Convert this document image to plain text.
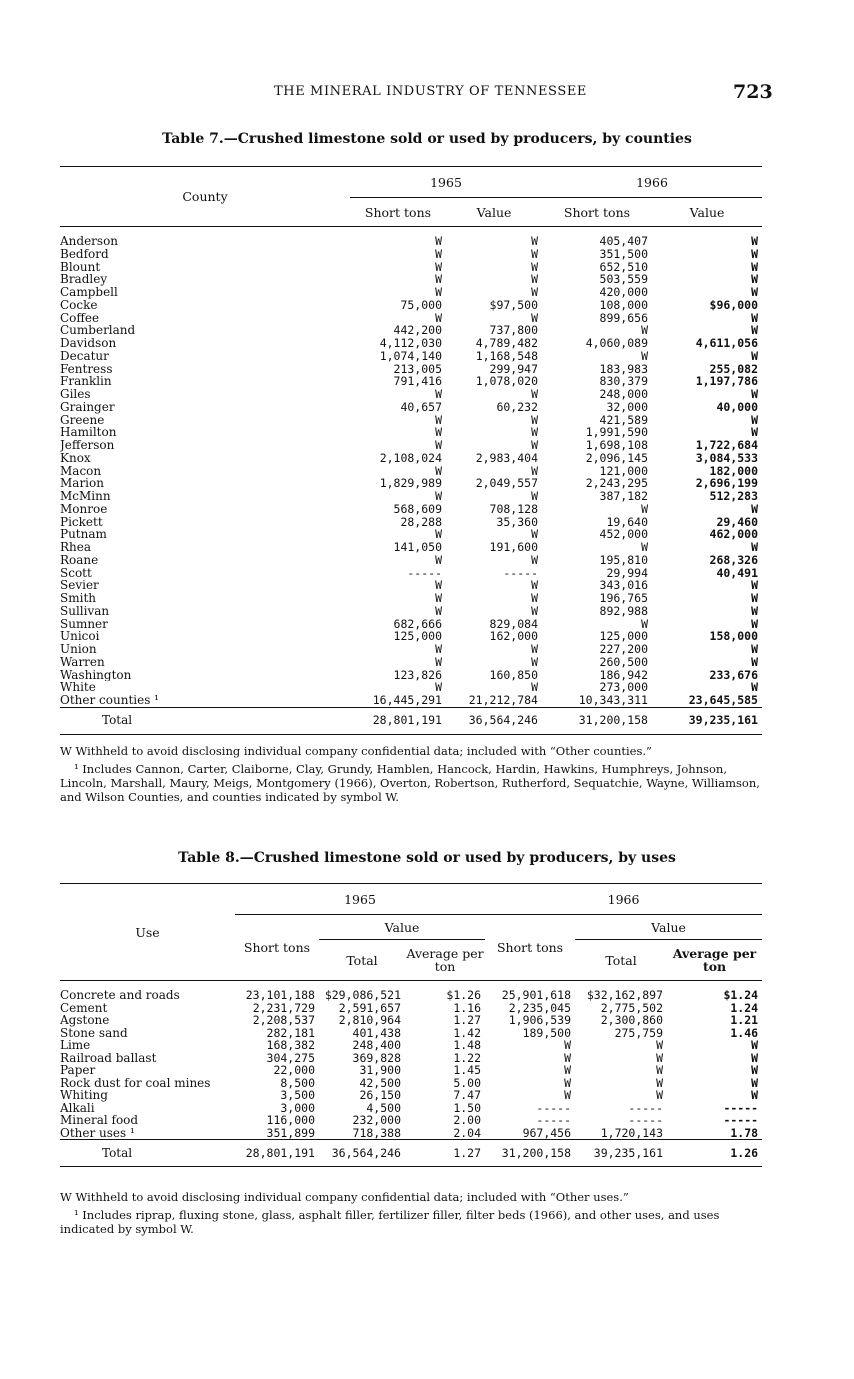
THE MINERAL INDUSTRY OF TENNESSEE	723
Table 7.—Crushed limestone sold or used by producers, by counties
County	1965		1966	
	Short tons	Value	Short tons	Value
Anderson	W	W	405,407	W
Bedford	W	W	351,500	W
Blount	W	W	652,510	W
Bradley	W	W	503,559	W
Campbell	W	W	420,000	W
Cocke	75,000	$97,500	108,000	$96,000
Coffee	W	W	899,656	W
Cumberland	442,200	737,800	W	W
Davidson	4,112,030	4,789,482	4,060,089	4,611,056
Decatur	1,074,140	1,168,548	W	W
Fentress	213,005	299,947	183,983	255,082
Franklin	791,416	1,078,020	830,379	1,197,786
Giles	W	W	248,000	W
Grainger	40,657	60,232	32,000	40,000
Greene	W	W	421,589	W
Hamilton	W	W	1,991,590	W
Jefferson	W	W	1,698,108	1,722,684
Knox	2,108,024	2,983,404	2,096,145	3,084,533
Macon	W	W	121,000	182,000
Marion	1,829,989	2,049,557	2,243,295	2,696,199
McMinn	W	W	387,182	512,283
Monroe	568,609	708,128	W	W
Pickett	28,288	35,360	19,640	29,460
Putnam	W	W	452,000	462,000
Rhea	141,050	191,600	W	W
Roane	W	W	195,810	268,326
Scott	-----	-----	29,994	40,491
Sevier	W	W	343,016	W
Smith	W	W	196,765	W
Sullivan	W	W	892,988	W
Sumner	682,666	829,084	W	W
Unicoi	125,000	162,000	125,000	158,000
Union	W	W	227,200	W
Warren	W	W	260,500	W
Washington	123,826	160,850	186,942	233,676
White	W	W	273,000	W
Other counties ¹	16,445,291	21,212,784	10,343,311	23,645,585
Total	28,801,191	36,564,246	31,200,158	39,235,161
W Withheld to avoid disclosing individual company confidential data; included with “Other counties.”
¹ Includes Cannon, Carter, Claiborne, Clay, Grundy, Hamblen, Hancock, Hardin, Hawkins, Humphreys, Johnson, Lincoln, Marshall, Maury, Meigs, Montgomery (1966), Overton, Robertson, Rutherford, Sequatchie, Wayne, Williamson, and Wilson Counties, and counties indicated by symbol W.
Table 8.—Crushed limestone sold or used by producers, by uses
Use	1965			1966		
	Short tons	Value		Short tons	Value	
		Total	Average per ton		Total	Average per ton
Concrete and roads	23,101,188	$29,086,521	$1.26	25,901,618	$32,162,897	$1.24
Cement	2,231,729	2,591,657	1.16	2,235,045	2,775,502	1.24
Agstone	2,208,537	2,810,964	1.27	1,906,539	2,300,860	1.21
Stone sand	282,181	401,438	1.42	189,500	275,759	1.46
Lime	168,382	248,400	1.48	W	W	W
Railroad ballast	304,275	369,828	1.22	W	W	W
Paper	22,000	31,900	1.45	W	W	W
Rock dust for coal mines	8,500	42,500	5.00	W	W	W
Whiting	3,500	26,150	7.47	W	W	W
Alkali	3,000	4,500	1.50	-----	-----	-----
Mineral food	116,000	232,000	2.00	-----	-----	-----
Other uses ¹	351,899	718,388	2.04	967,456	1,720,143	1.78
Total	28,801,191	36,564,246	1.27	31,200,158	39,235,161	1.26
W Withheld to avoid disclosing individual company confidential data; included with “Other uses.”
¹ Includes riprap, fluxing stone, glass, asphalt filler, fertilizer filler, filter beds (1966), and other uses, and uses indicated by symbol W.
